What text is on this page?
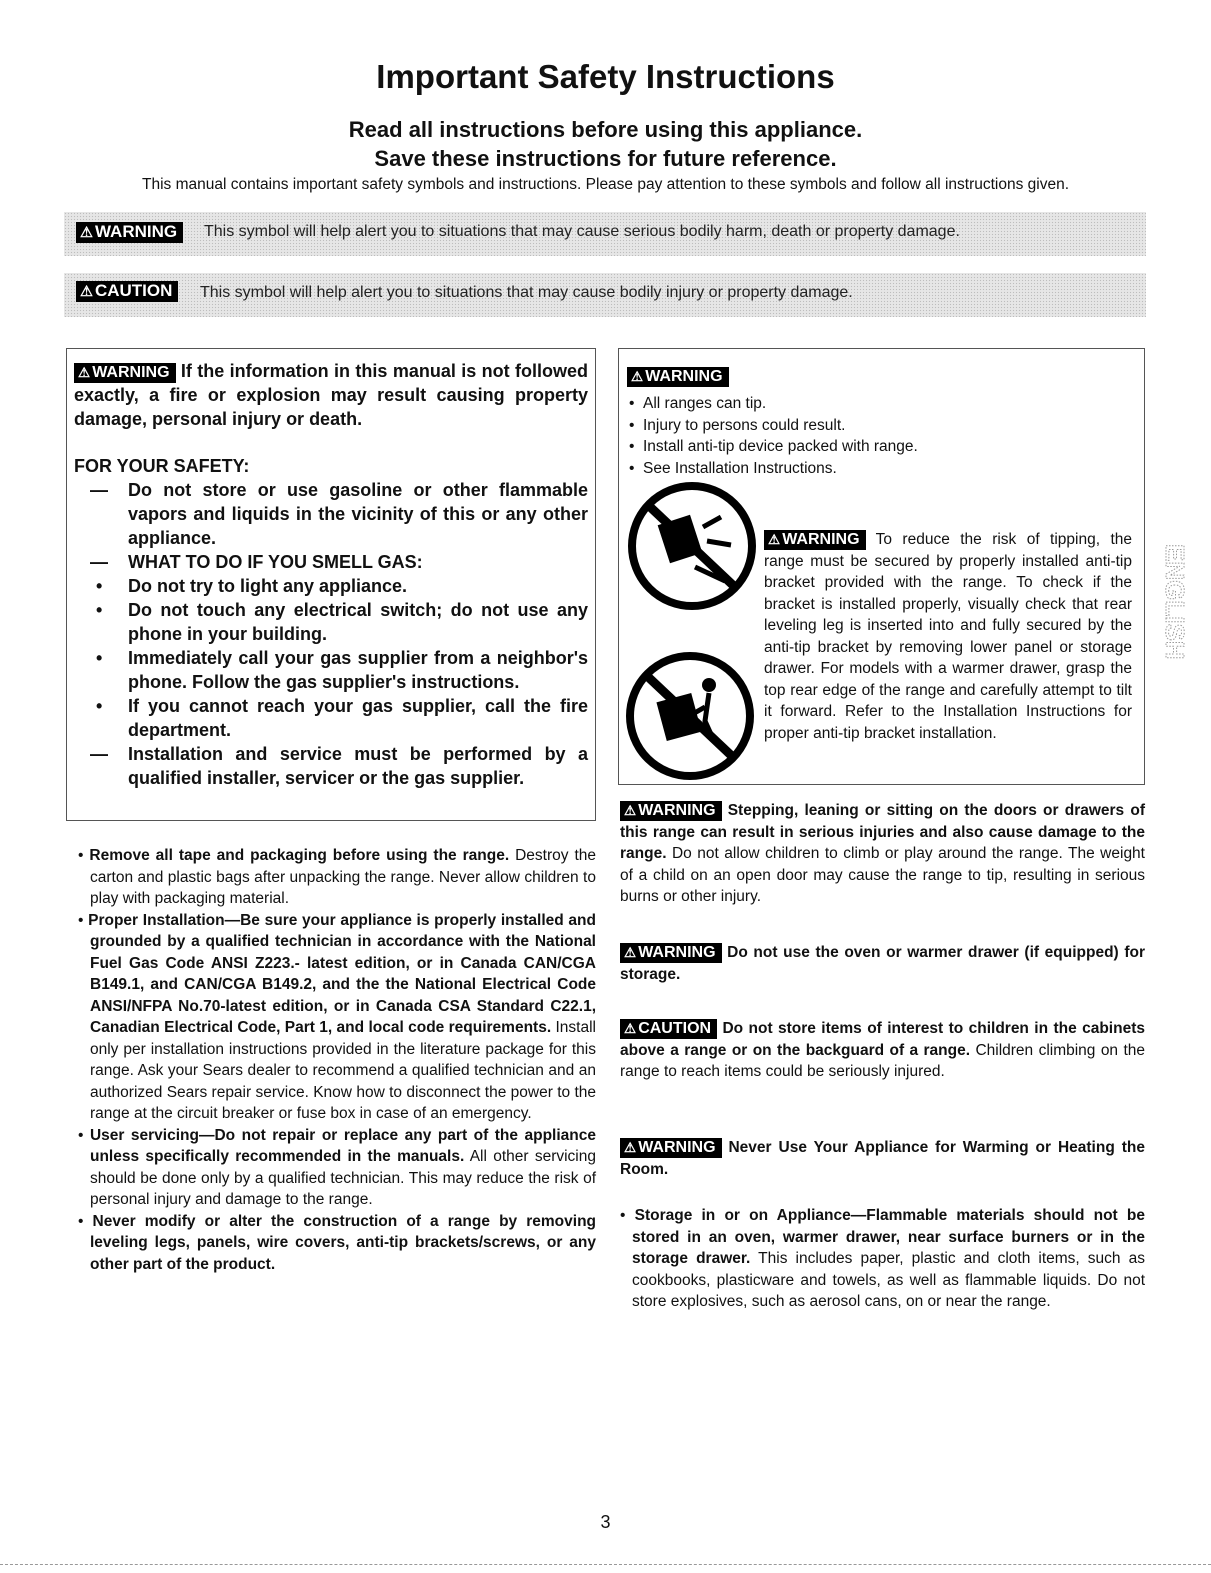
Important Safety Instructions
Read all instructions before using this appliance.
Save these instructions for future reference.
This manual contains important safety symbols and instructions. Please pay attention to these symbols and follow all instructions given.
⚠ WARNING	This symbol will help alert you to situations that may cause serious bodily harm, death or property damage.
⚠ CAUTION	This symbol will help alert you to situations that may cause bodily injury or property damage.

⚠ WARNING If the information in this manual is not followed exactly, a fire or explosion may result causing property damage, personal injury or death.

FOR YOUR SAFETY:

— Do not store or use gasoline or other flammable vapors and liquids in the vicinity of this or any other appliance.
— WHAT TO DO IF YOU SMELL GAS:
• Do not try to light any appliance.
• Do not touch any electrical switch; do not use any phone in your building.
• Immediately call your gas supplier from a neighbor's phone. Follow the gas supplier's instructions.
• If you cannot reach your gas supplier, call the fire department.
— Installation and service must be performed by a qualified installer, servicer or the gas supplier.
• Remove all tape and packaging before using the range. Destroy the carton and plastic bags after unpacking the range. Never allow children to play with packaging material.
• Proper Installation—Be sure your appliance is properly installed and grounded by a qualified technician in accordance with the National Fuel Gas Code ANSI Z223.- latest edition, or in Canada CAN/CGA B149.1, and CAN/CGA B149.2, and the the National Electrical Code ANSI/NFPA No.70-latest edition, or in Canada CSA Standard C22.1, Canadian Electrical Code, Part 1, and local code requirements. Install only per installation instructions provided in the literature package for this range. Ask your Sears dealer to recommend a qualified technician and an authorized Sears repair service. Know how to disconnect the power to the range at the circuit breaker or fuse box in case of an emergency.
• User servicing—Do not repair or replace any part of the appliance unless specifically recommended in the manuals. All other servicing should be done only by a qualified technician. This may reduce the risk of personal injury and damage to the range.
• Never modify or alter the construction of a range by removing leveling legs, panels, wire covers, anti-tip brackets/screws, or any other part of the product.
⚠ WARNING
• All ranges can tip.
• Injury to persons could result.
• Install anti-tip device packed with range.
• See Installation Instructions.
⚠ WARNING To reduce the risk of tipping, the range must be secured by properly installed anti-tip bracket provided with the range. To check if the bracket is installed properly, visually check that rear leveling leg is inserted into and fully secured by the anti-tip bracket by removing lower panel or storage drawer. For models with a warmer drawer, grasp the top rear edge of the range and carefully attempt to tilt it forward. Refer to the Installation Instructions for proper anti-tip bracket installation.
⚠ WARNING Stepping, leaning or sitting on the doors or drawers of this range can result in serious injuries and also cause damage to the range. Do not allow children to climb or play around the range. The weight of a child on an open door may cause the range to tip, resulting in serious burns or other injury.
⚠ WARNING Do not use the oven or warmer drawer (if equipped) for storage.
⚠ CAUTION Do not store items of interest to children in the cabinets above a range or on the backguard of a range. Children climbing on the range to reach items could be seriously injured.
⚠ WARNING Never Use Your Appliance for Warming or Heating the Room.
• Storage in or on Appliance—Flammable materials should not be stored in an oven, warmer drawer, near surface burners or in the storage drawer. This includes paper, plastic and cloth items, such as cookbooks, plasticware and towels, as well as flammable liquids. Do not store explosives, such as aerosol cans, on or near the range.
ENGLISH
3
